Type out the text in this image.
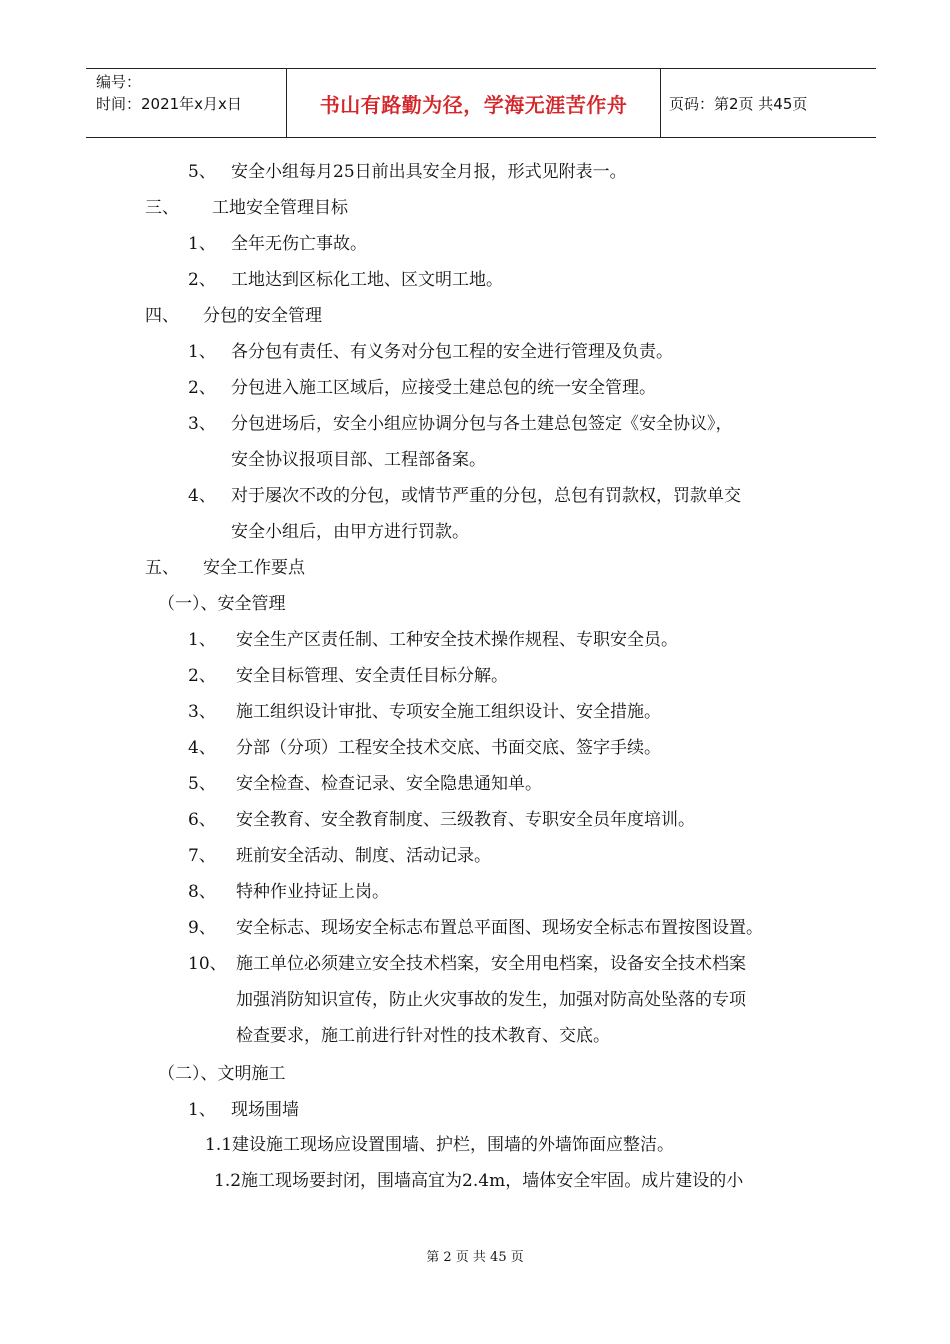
编号：
时间：2021年x月x日	书山有路勤为径，学海无涯苦作舟	页码：第2页 共45页
5、 安全小组每月25日前出具安全月报，形式见附表一。
三、 工地安全管理目标
1、 全年无伤亡事故。
2、 工地达到区标化工地、区文明工地。
四、 分包的安全管理
1、 各分包有责任、有义务对分包工程的安全进行管理及负责。
2、 分包进入施工区域后，应接受土建总包的统一安全管理。
3、 分包进场后，安全小组应协调分包与各土建总包签定《安全协议》，
安全协议报项目部、工程部备案。
4、 对于屡次不改的分包，或情节严重的分包，总包有罚款权，罚款单交
安全小组后，由甲方进行罚款。
五、 安全工作要点
（一）、安全管理
1、 安全生产区责任制、工种安全技术操作规程、专职安全员。
2、 安全目标管理、安全责任目标分解。
3、 施工组织设计审批、专项安全施工组织设计、安全措施。
4、 分部（分项）工程安全技术交底、书面交底、签字手续。
5、 安全检查、检查记录、安全隐患通知单。
6、 安全教育、安全教育制度、三级教育、专职安全员年度培训。
7、 班前安全活动、制度、活动记录。
8、 特种作业持证上岗。
9、 安全标志、现场安全标志布置总平面图、现场安全标志布置按图设置。
10、 施工单位必须建立安全技术档案，安全用电档案，设备安全技术档案
加强消防知识宣传，防止火灾事故的发生，加强对防高处坠落的专项
检查要求，施工前进行针对性的技术教育、交底。
（二）、文明施工
1、 现场围墙
1.1建设施工现场应设置围墙、护栏，围墙的外墙饰面应整洁。
1.2施工现场要封闭，围墙高宜为2.4m，墙体安全牢固。成片建设的小
第 2 页 共 45 页
